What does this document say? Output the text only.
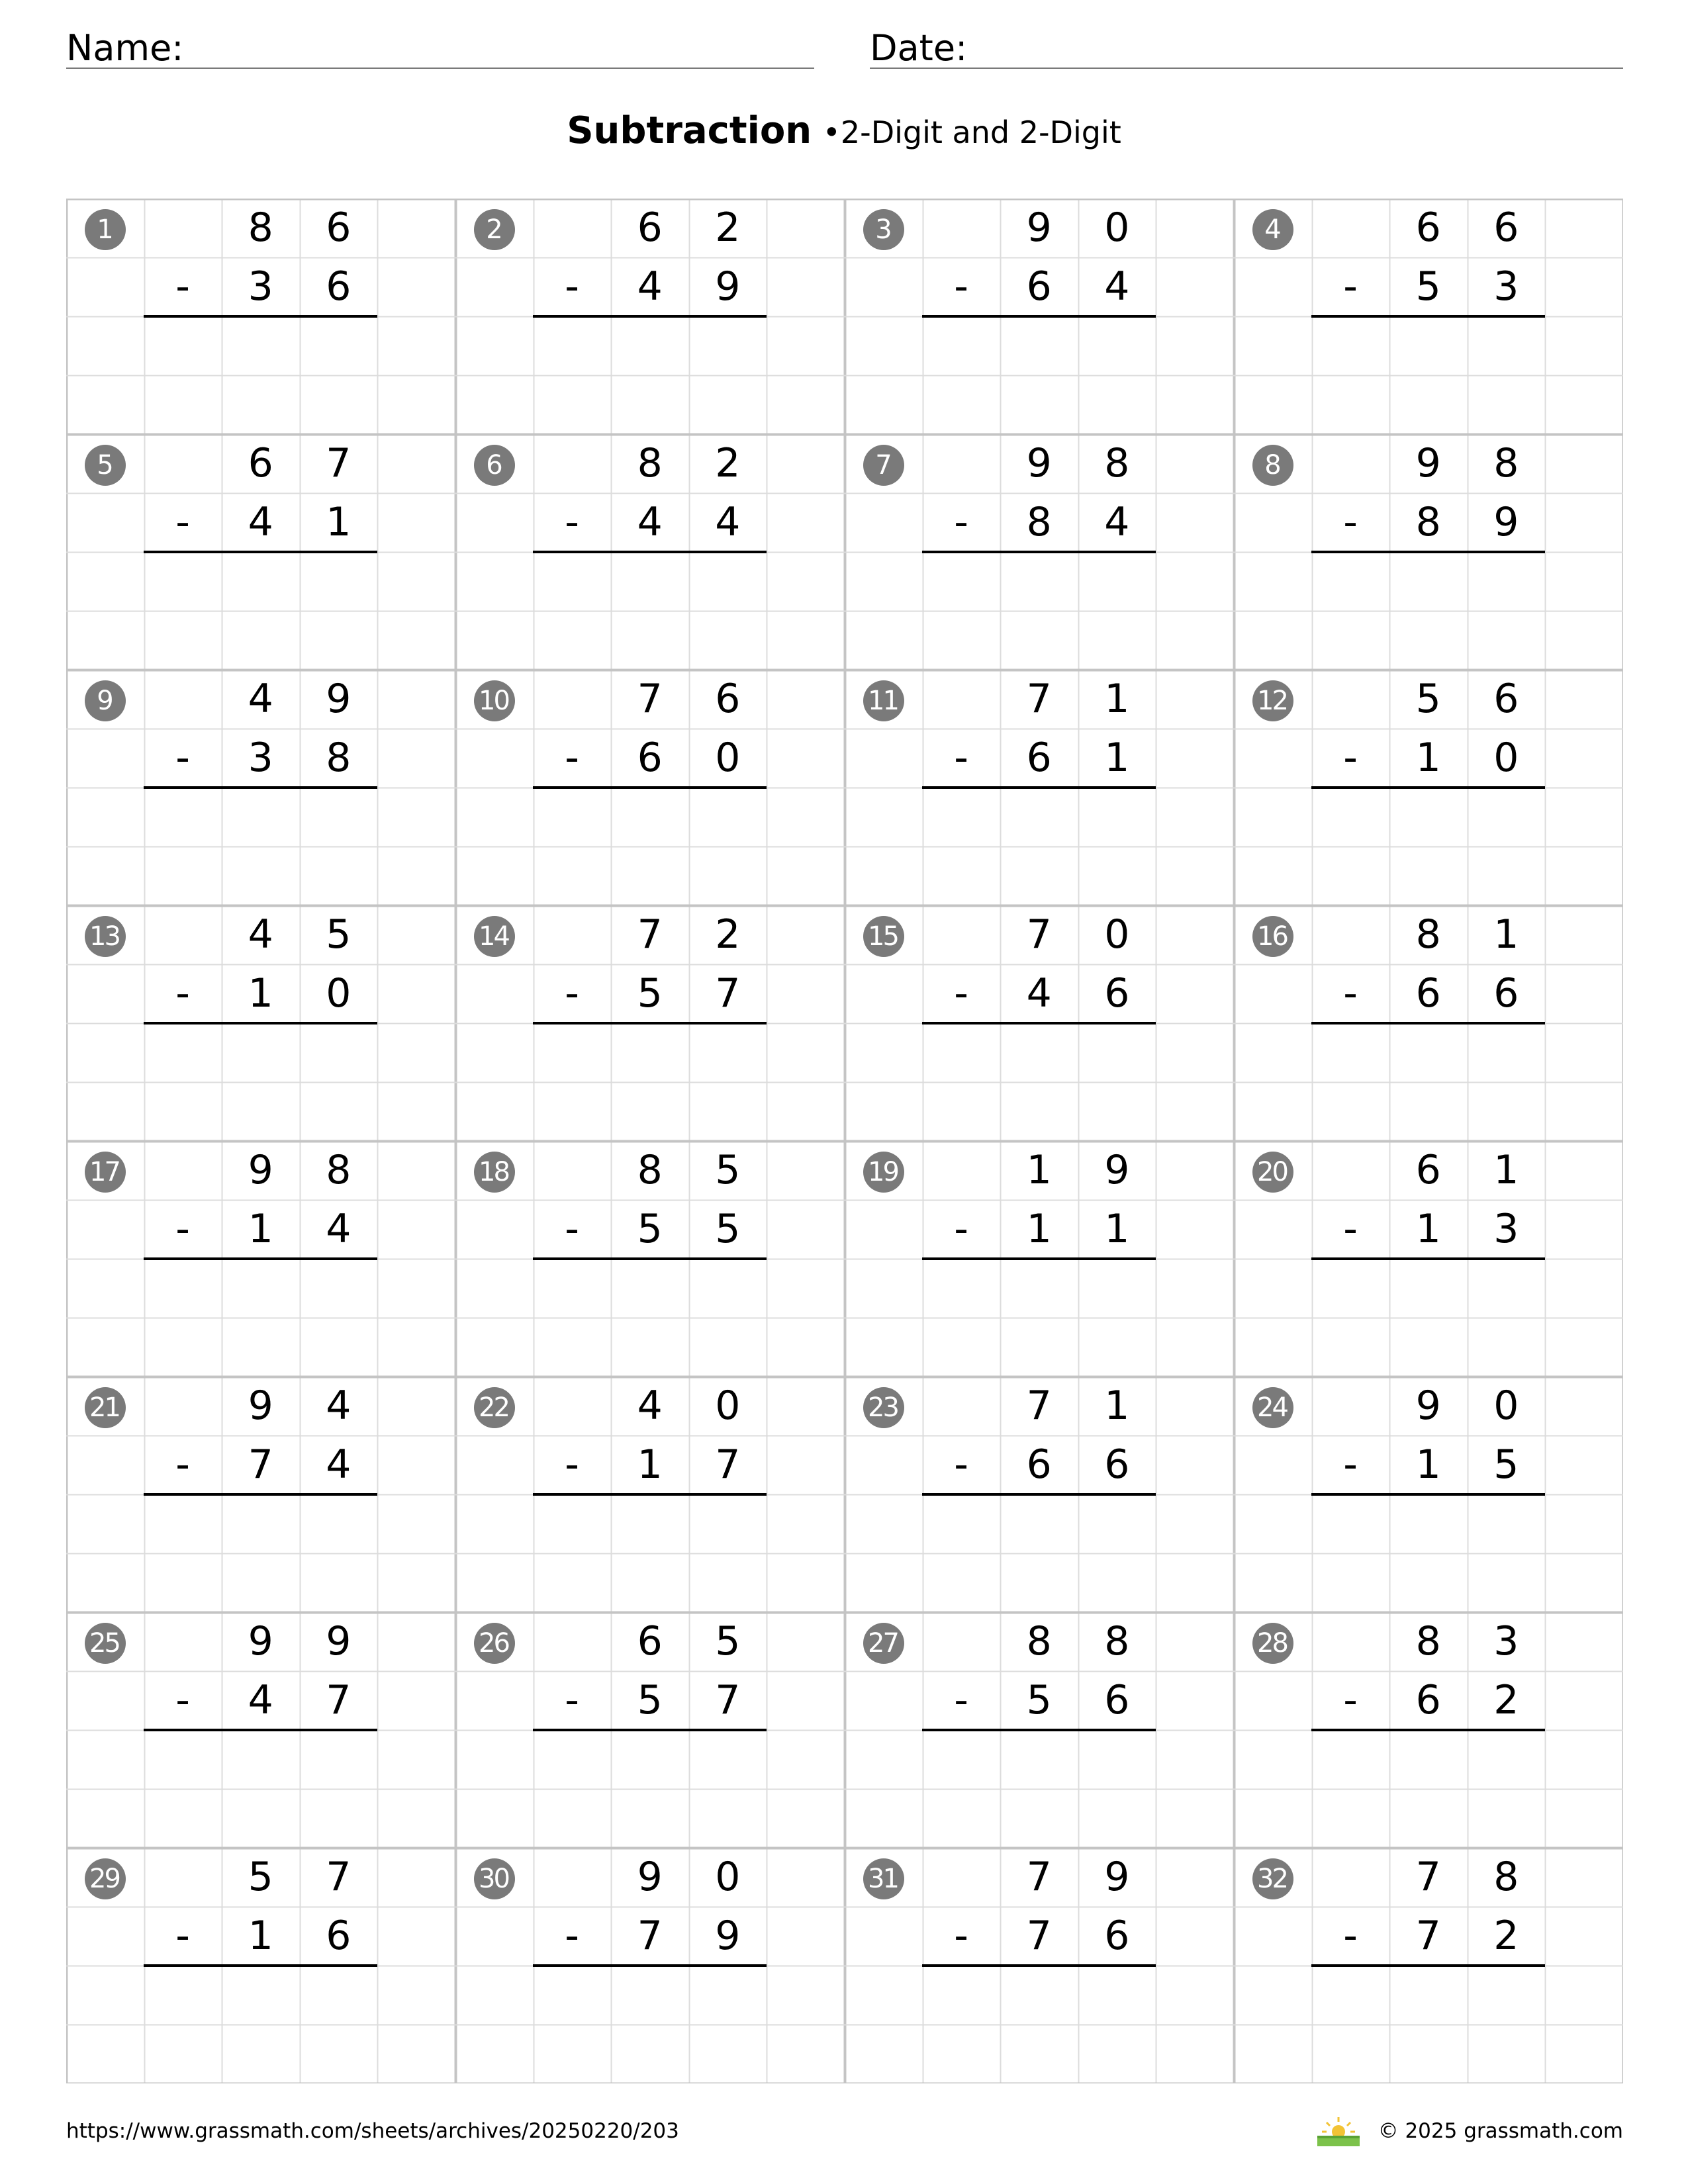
Name:	Date:
Subtraction •2-Digit and 2-Digit
1	8	6
-	3	6
2	6	2
-	4	9
3	9	0
-	6	4
4	6	6
-	5	3
5	6	7
-	4	1
6	8	2
-	4	4
7	9	8
-	8	4
8	9	8
-	8	9
9	4	9
-	3	8
10	7	6
-	6	0
11	7	1
-	6	1
12	5	6
-	1	0
13	4	5
-	1	0
14	7	2
-	5	7
15	7	0
-	4	6
16	8	1
-	6	6
17	9	8
-	1	4
18	8	5
-	5	5
19	1	9
-	1	1
20	6	1
-	1	3
21	9	4
-	7	4
22	4	0
-	1	7
23	7	1
-	6	6
24	9	0
-	1	5
25	9	9
-	4	7
26	6	5
-	5	7
27	8	8
-	5	6
28	8	3
-	6	2
29	5	7
-	1	6
30	9	0
-	7	9
31	7	9
-	7	6
32	7	8
-	7	2
https://www.grassmath.com/sheets/archives/20250220/203	© 2025 grassmath.com
